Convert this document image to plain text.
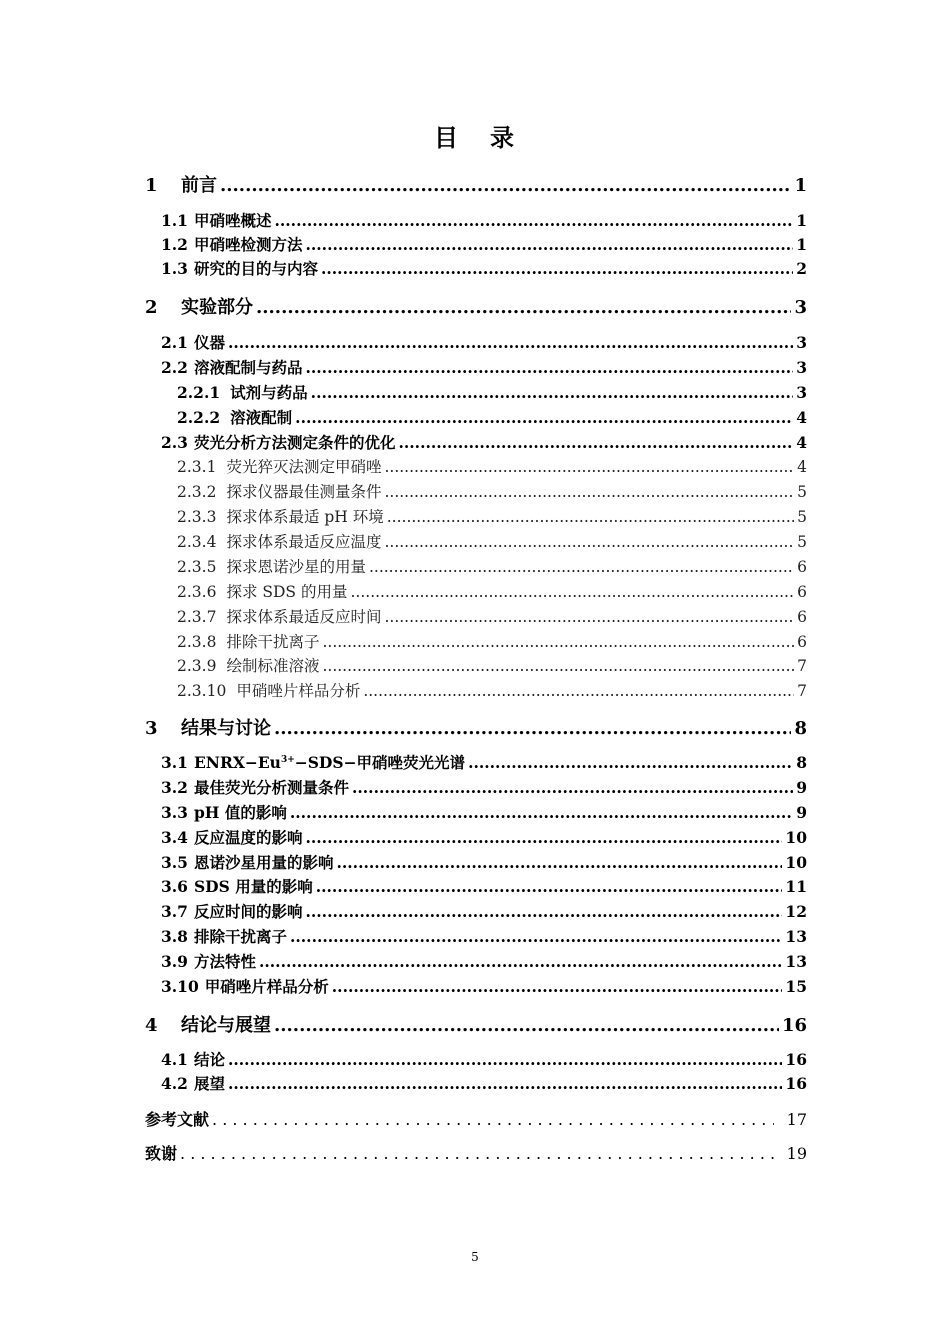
目 录
1	前言 .....	1
1.1 甲硝唑概述 .....	1
1.2 甲硝唑检测方法 .....	1
1.3 研究的目的与内容 .....	2
2	实验部分 .....	3
2.1 仪器 .....	3
2.2 溶液配制与药品 .....	3
2.2.1 试剂与药品 .....	3
2.2.2 溶液配制 .....	4
2.3 荧光分析方法测定条件的优化 .....	4
2.3.1 荧光猝灭法测定甲硝唑 .....	4
2.3.2 探求仪器最佳测量条件 .....	5
2.3.3 探求体系最适 pH 环境 .....	5
2.3.4 探求体系最适反应温度 .....	5
2.3.5 探求恩诺沙星的用量 .....	6
2.3.6 探求 SDS 的用量 .....	6
2.3.7 探求体系最适反应时间 .....	6
2.3.8 排除干扰离子 .....	6
2.3.9 绘制标准溶液 .....	7
2.3.10 甲硝唑片样品分析 .....	7
3	结果与讨论 .....	8
3.1 $ENRX-Eu^{3+}-SDS-$甲硝唑荧光光谱 .....	8
3.2 最佳荧光分析测量条件 .....	9
3.3 pH 值的影响 .....	9
3.4 反应温度的影响 .....	10
3.5 恩诺沙星用量的影响 .....	10
3.6 SDS 用量的影响 .....	11
3.7 反应时间的影响 .....	12
3.8 排除干扰离子 .....	13
3.9 方法特性 .....	13
3.10 甲硝唑片样品分析 .....	15
4	结论与展望 .....	16
4.1 结论 .....	16
4.2 展望 .....	16
参考文献 . . .	17
致谢 . . .	19
5
